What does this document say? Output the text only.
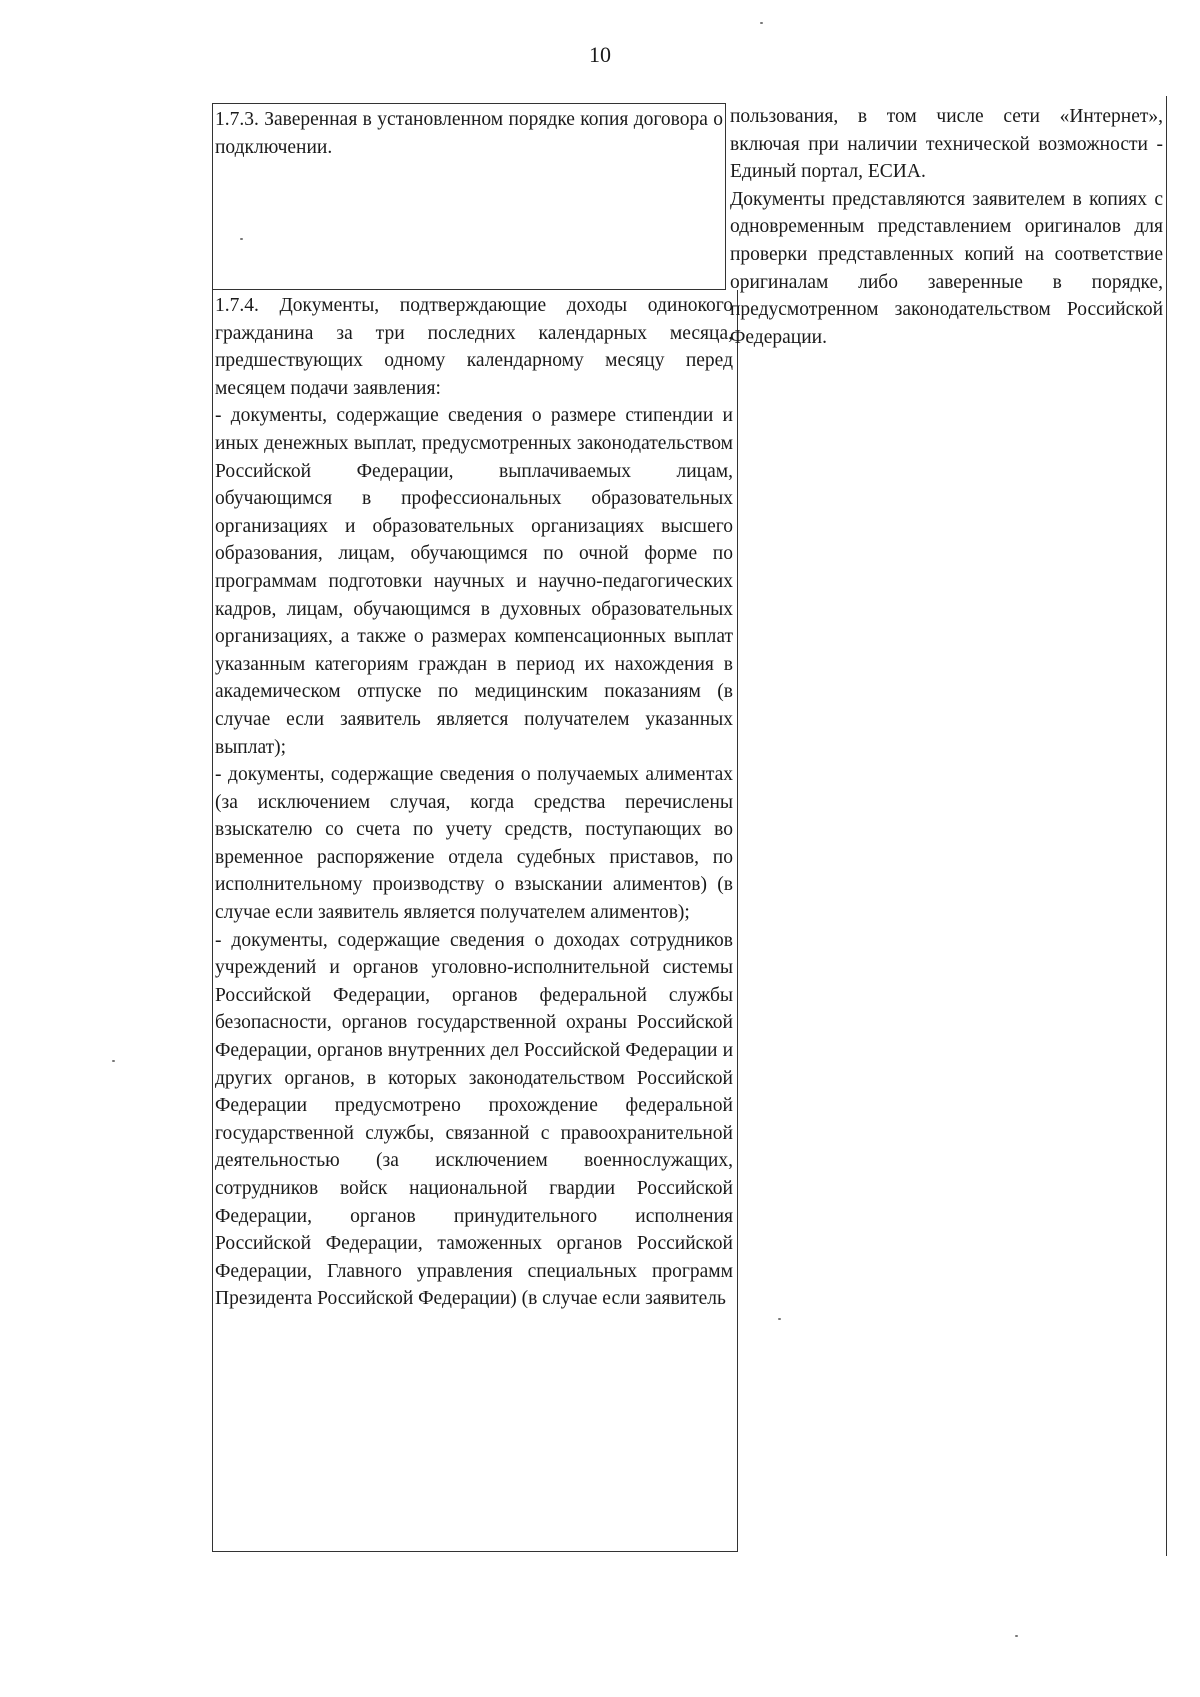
10

1.7.3. Заверенная в установленном порядке копия договора о подключении.

1.7.4. Документы, подтверждающие доходы одинокого гражданина за три последних календарных месяца, предшествующих одному календарному месяцу перед месяцем подачи заявления:

- документы, содержащие сведения о размере стипендии и иных денежных выплат, предусмотренных законодательством Российской Федерации, выплачиваемых лицам, обучающимся в профессиональных образовательных организациях и образовательных организациях высшего образования, лицам, обучающимся по очной форме по программам подготовки научных и научно-педагогических кадров, лицам, обучающимся в духовных образовательных организациях, а также о размерах компенсационных выплат указанным категориям граждан в период их нахождения в академическом отпуске по медицинским показаниям (в случае если заявитель является получателем указанных выплат);

- документы, содержащие сведения о получаемых алиментах (за исключением случая, когда средства перечислены взыскателю со счета по учету средств, поступающих во временное распоряжение отдела судебных приставов, по исполнительному производству о взыскании алиментов) (в случае если заявитель является получателем алиментов);

- документы, содержащие сведения о доходах сотрудников учреждений и органов уголовно-исполнительной системы Российской Федерации, органов федеральной службы безопасности, органов государственной охраны Российской Федерации, органов внутренних дел Российской Федерации и других органов, в которых законодательством Российской Федерации предусмотрено прохождение федеральной государственной службы, связанной с правоохранительной деятельностью (за исключением военнослужащих, сотрудников войск национальной гвардии Российской Федерации, органов принудительного исполнения Российской Федерации, таможенных органов Российской Федерации, Главного управления специальных программ Президента Российской Федерации) (в случае если заявитель

пользования, в том числе сети «Интернет», включая при наличии технической возможности - Единый портал, ЕСИА.

Документы представляются заявителем в копиях с одновременным представлением оригиналов для проверки представленных копий на соответствие оригиналам либо заверенные в порядке, предусмотренном законодательством Российской Федерации.
